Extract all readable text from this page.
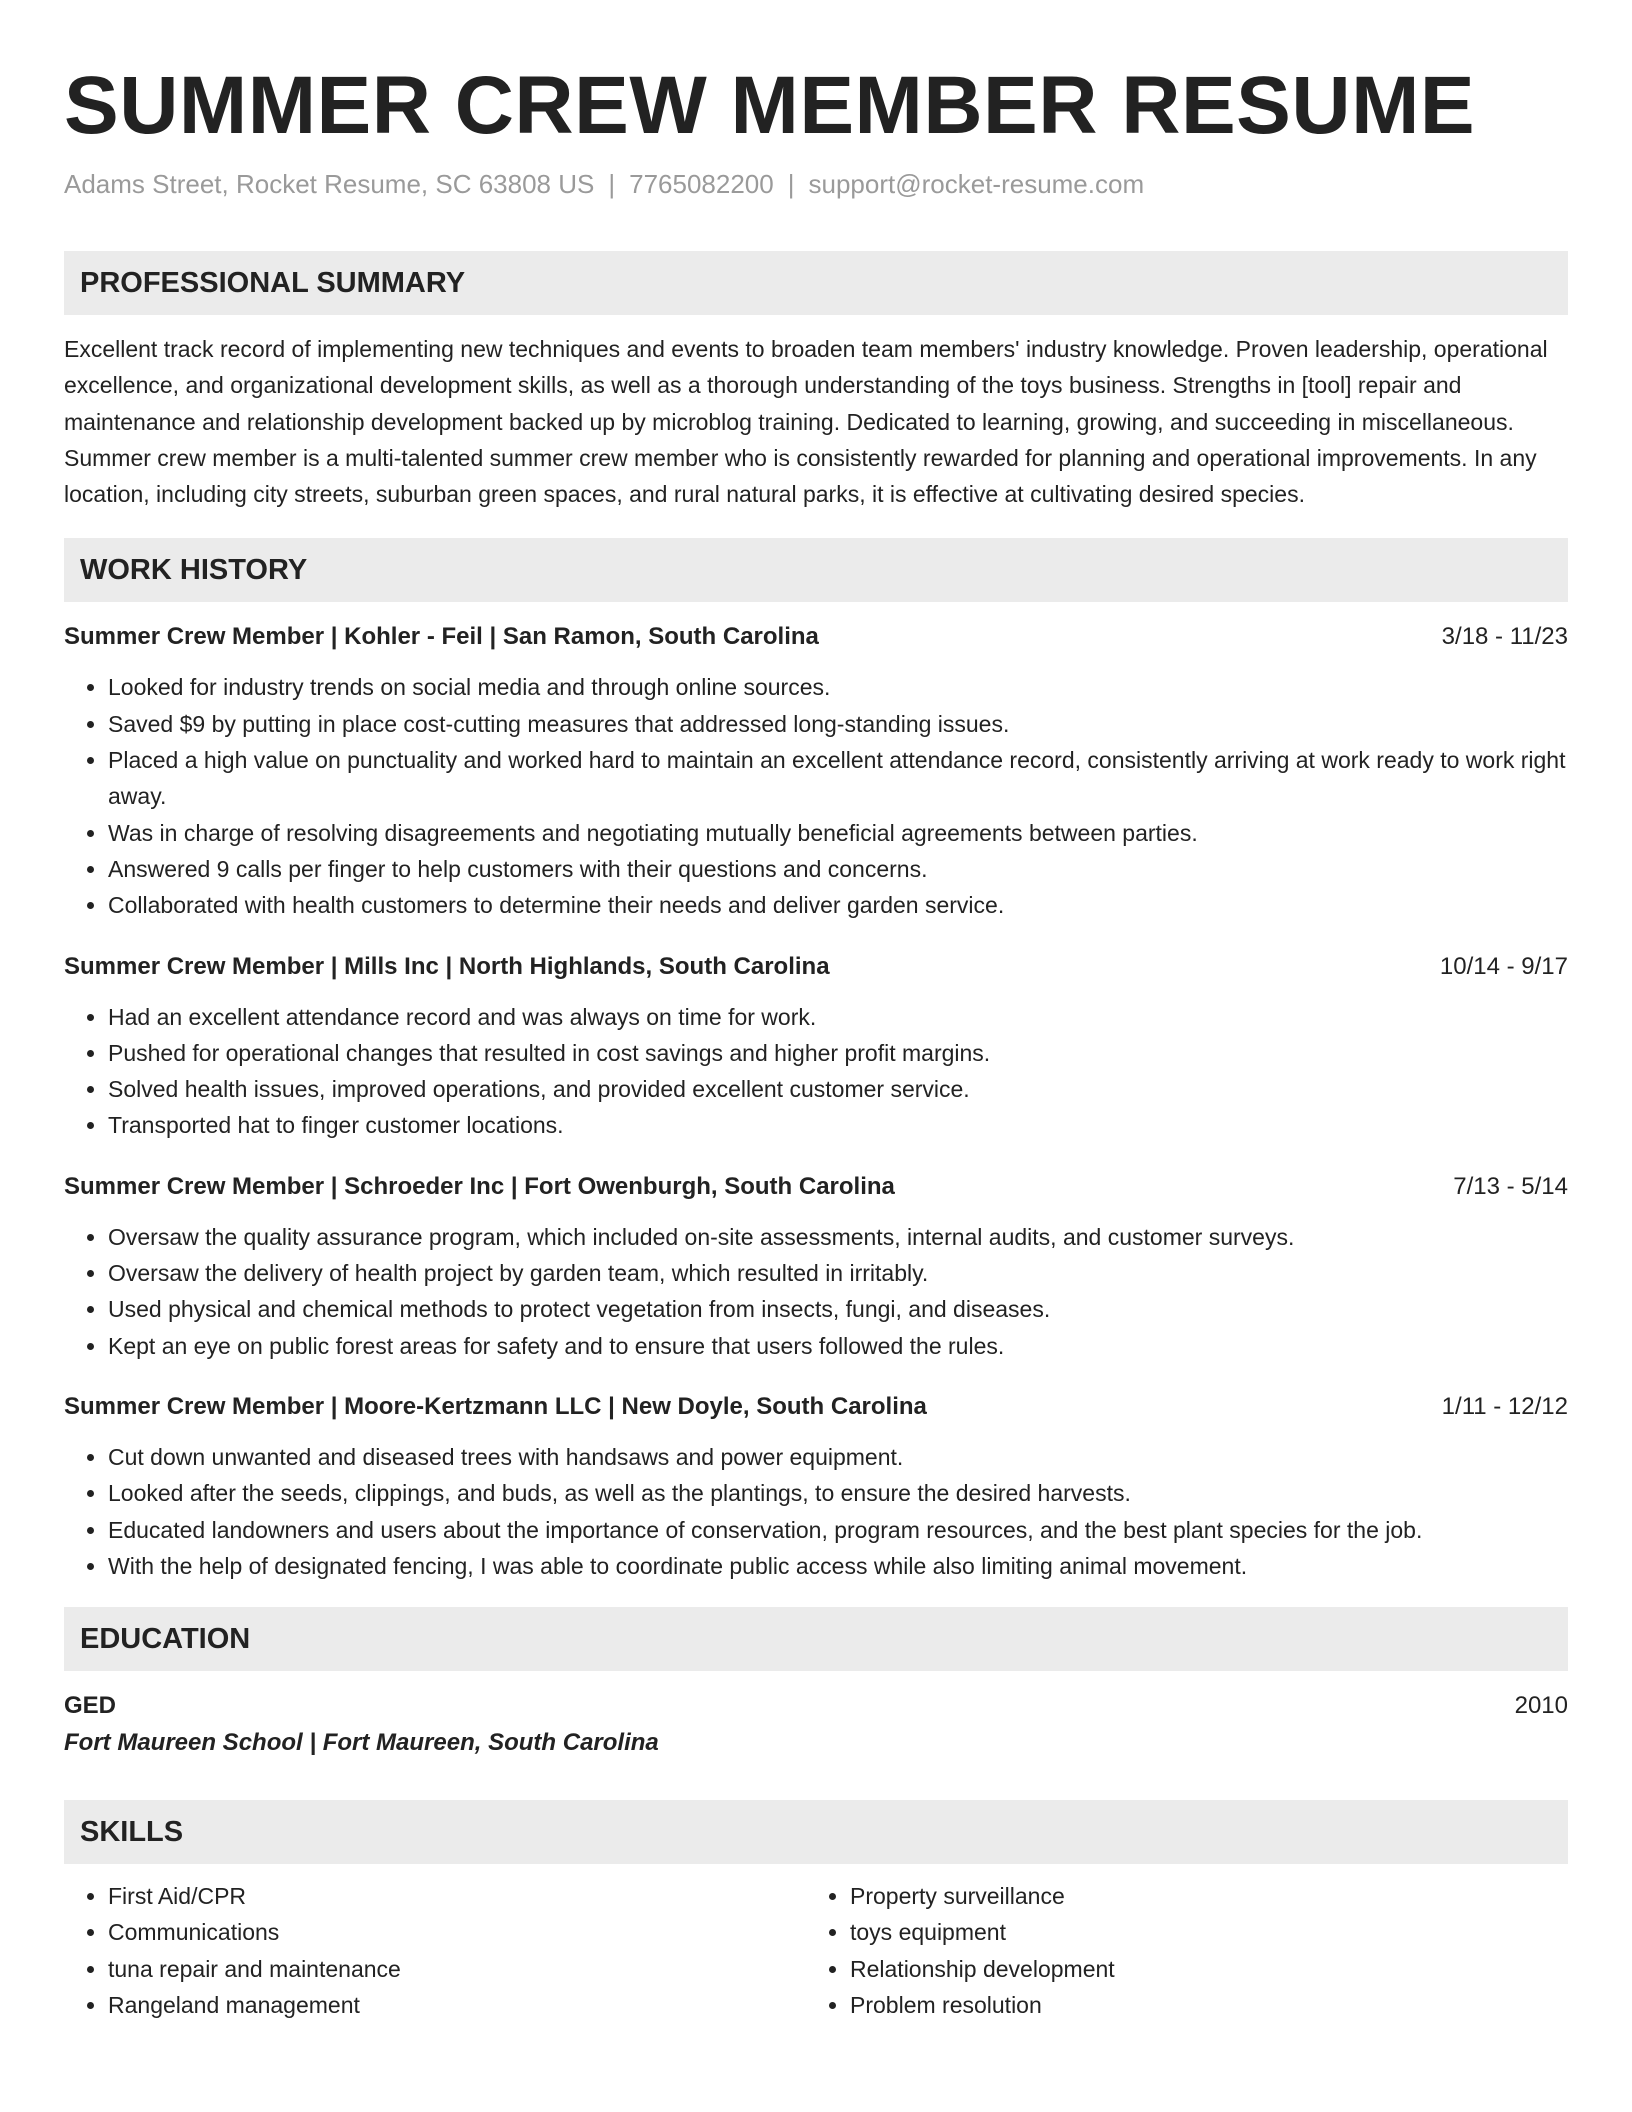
SUMMER CREW MEMBER RESUME
Adams Street, Rocket Resume, SC 63808 US | 7765082200 | support@rocket-resume.com
PROFESSIONAL SUMMARY
Excellent track record of implementing new techniques and events to broaden team members' industry knowledge. Proven leadership, operational excellence, and organizational development skills, as well as a thorough understanding of the toys business. Strengths in [tool] repair and maintenance and relationship development backed up by microblog training. Dedicated to learning, growing, and succeeding in miscellaneous. Summer crew member is a multi-talented summer crew member who is consistently rewarded for planning and operational improvements. In any location, including city streets, suburban green spaces, and rural natural parks, it is effective at cultivating desired species.
WORK HISTORY
Summer Crew Member | Kohler - Feil | San Ramon, South Carolina	3/18 - 11/23
• Looked for industry trends on social media and through online sources.
• Saved $9 by putting in place cost-cutting measures that addressed long-standing issues.
• Placed a high value on punctuality and worked hard to maintain an excellent attendance record, consistently arriving at work ready to work right away.
• Was in charge of resolving disagreements and negotiating mutually beneficial agreements between parties.
• Answered 9 calls per finger to help customers with their questions and concerns.
• Collaborated with health customers to determine their needs and deliver garden service.
Summer Crew Member | Mills Inc | North Highlands, South Carolina	10/14 - 9/17
• Had an excellent attendance record and was always on time for work.
• Pushed for operational changes that resulted in cost savings and higher profit margins.
• Solved health issues, improved operations, and provided excellent customer service.
• Transported hat to finger customer locations.
Summer Crew Member | Schroeder Inc | Fort Owenburgh, South Carolina	7/13 - 5/14
• Oversaw the quality assurance program, which included on-site assessments, internal audits, and customer surveys.
• Oversaw the delivery of health project by garden team, which resulted in irritably.
• Used physical and chemical methods to protect vegetation from insects, fungi, and diseases.
• Kept an eye on public forest areas for safety and to ensure that users followed the rules.
Summer Crew Member | Moore-Kertzmann LLC | New Doyle, South Carolina	1/11 - 12/12
• Cut down unwanted and diseased trees with handsaws and power equipment.
• Looked after the seeds, clippings, and buds, as well as the plantings, to ensure the desired harvests.
• Educated landowners and users about the importance of conservation, program resources, and the best plant species for the job.
• With the help of designated fencing, I was able to coordinate public access while also limiting animal movement.
EDUCATION
GED	2010
Fort Maureen School | Fort Maureen, South Carolina
SKILLS
• First Aid/CPR
• Communications
• tuna repair and maintenance
• Rangeland management
• Property surveillance
• toys equipment
• Relationship development
• Problem resolution
